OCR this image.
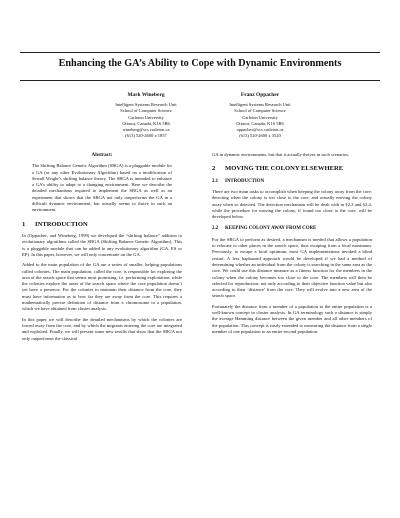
Enhancing the GA’s Ability to Cope with Dynamic Environments
Mark Wineberg
Intelligent Systems Research Unit
School of Computer Science
Carleton University
Ottawa, Canada, K1S 5B6
wineberg@scs.carleton.ca
(613) 520-2600 x 1857
Franz Oppacher
Intelligent Systems Research Unit
School of Computer Science
Carleton University
Ottawa, Canada, K1S 5B6
oppacher@scs.carleton.ca
(613) 520-2600 x 3520
Abstract:

The Shifting Balance Genetic Algorithm (SBGA) is a pluggable module for a GA (or any other Evolutionary Algorithm) based on a modification of Sewall Wright’s shifting balance theory. The SBGA is intended to enhance a GA’s ability to adapt to a changing environment. Here we describe the detailed mechanisms required to implement the SBGA as well as an experiment that shows that the SBGA not only outperforms the GA in a difficult dynamic environment, but actually seems to thrive in such an environment.

1 INTRODUCTION

In (Oppacher, and Wineberg, 1999) we developed the “shifting balance” addition to evolutionary algorithms called the SBGA (Shifting Balance Genetic Algorithm). This is a pluggable module that can be added to any evolutionary algorithm (GA, ES or EP). In this paper, however, we will only concentrate on the GA.

Added to the main population of the GA are a series of smaller, helping populations called colonies. The main population, called the core, is responsible for exploring the area of the search space that seems most promising, i.e. performing exploitation, while the colonies explore the areas of the search space where the core population doesn’t yet have a presence. For the colonies to maintain their distance from the core, they must have information as to how far they are away from the core. This requires a mathematically precise definition of distance from a chromosome to a population, which we have obtained from cluster analysis.

In this paper we will describe the detailed mechanisms by which the colonies are forced away from the core, and by which the migrants entering the core are integrated and exploited. Finally, we will present some new results that show that the SBGA not only outperforms the classical

GA in dynamic environments, but that it actually thrives in such scenarios.

2 MOVING THE COLONY ELSEWHERE
2.1 INTRODUCTION

There are two main tasks to accomplish when keeping the colony away from the core: detecting when the colony is too close to the core, and actually moving the colony away when so detected. The detection mechanism will be dealt with in §2.3 and §2.4, while the procedure for moving the colony, if found too close to the core, will be developed below.

2.2 KEEPING COLONY AWAY FROM CORE

For the SBGA to perform as desired, a mechanism is needed that allows a population to relocate to other places in the search space, thus escaping from a local maximum. Previously, to escape a local optimum, most GA implementations invoked a blind restart. A less haphazard approach would be developed if we had a method of determining whether an individual from the colony is searching in the same area as the core. We could use this distance measure as a fitness function for the members in the colony when the colony becomes too close to the core. The members will then be selected for reproduction, not only according to their objective function value but also according to their ‘distance’ from the core. They will evolve into a new area of the search space.

Fortunately the distance from a member of a population to the entire population is a well-known concept in cluster analysis. In GA terminology such a distance is simply the average Hamming distance between the given member and all other members of the population. This concept is easily extended to measuring the distance from a single member of one population to an entire second population.
